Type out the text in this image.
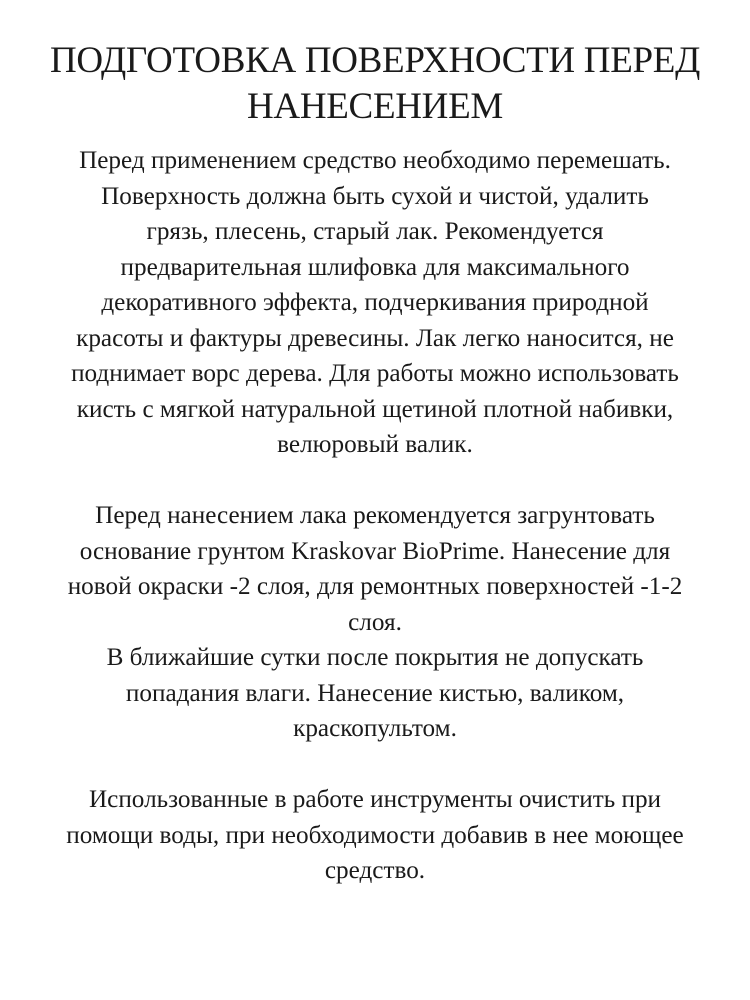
ПОДГОТОВКА ПОВЕРХНОСТИ ПЕРЕД
НАНЕСЕНИЕМ
Перед применением средство необходимо перемешать.
Поверхность должна быть сухой и чистой, удалить
грязь, плесень, старый лак. Рекомендуется
предварительная шлифовка для максимального
декоративного эффекта, подчеркивания природной
красоты и фактуры древесины. Лак легко наносится, не
поднимает ворс дерева. Для работы можно использовать
кисть с мягкой натуральной щетиной плотной набивки,
велюровый валик.
Перед нанесением лака рекомендуется загрунтовать
основание грунтом Kraskovar BioPrime. Нанесение для
новой окраски -2 слоя, для ремонтных поверхностей -1-2
слоя.
В ближайшие сутки после покрытия не допускать
попадания влаги. Нанесение кистью, валиком,
краскопультом.
Использованные в работе инструменты очистить при
помощи воды, при необходимости добавив в нее моющее
средство.
